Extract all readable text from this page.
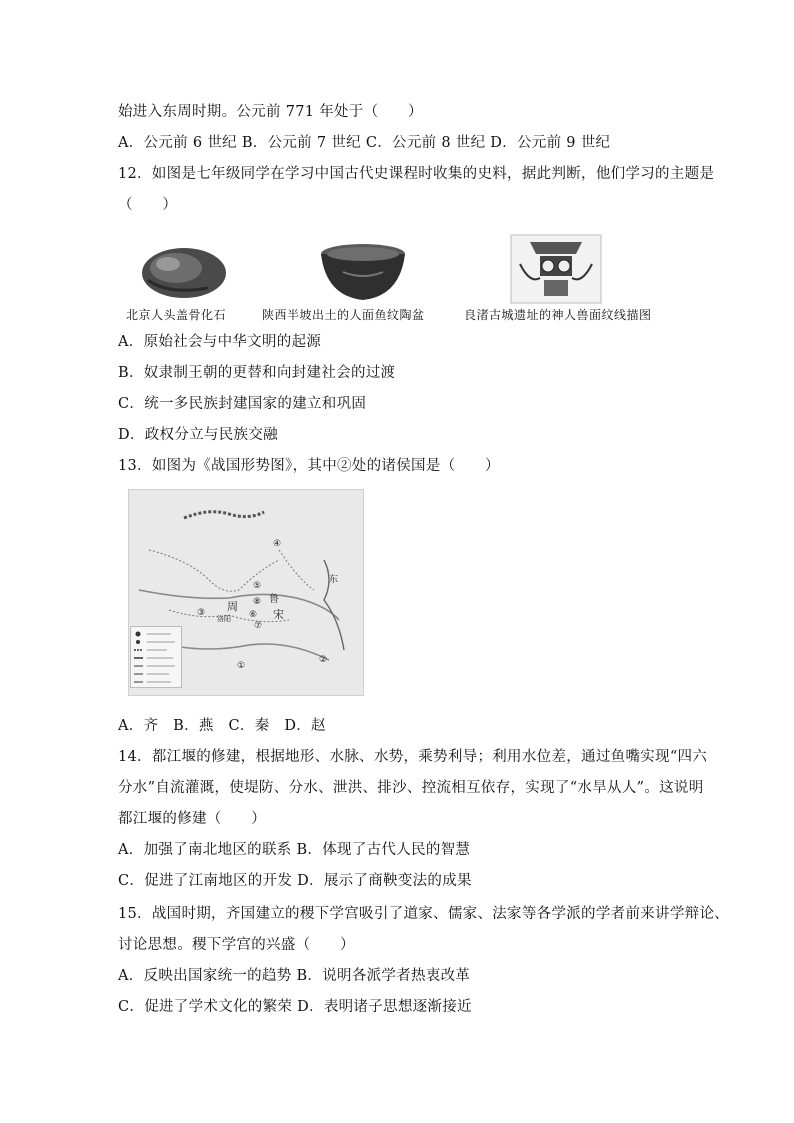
始进入东周时期。公元前 771 年处于（　　）
A．公元前 6 世纪 B．公元前 7 世纪 C．公元前 8 世纪 D．公元前 9 世纪
12．如图是七年级同学在学习中国古代史课程时收集的史料，据此判断，他们学习的主题是
（　　）
北京人头盖骨化石	陕西半坡出土的人面鱼纹陶盆	良渚古城遗址的神人兽面纹线描图
A．原始社会与中华文明的起源
B．奴隶制王朝的更替和向封建社会的过渡
C．统一多民族封建国家的建立和巩固
D．政权分立与民族交融
13．如图为《战国形势图》，其中②处的诸侯国是（　　）
④
⑤
⑧
③ 周
洛阳 ⑥
鲁
宋
⑦
东
①
②
A．齐　B．燕　C．秦　D．赵
14．都江堰的修建，根据地形、水脉、水势，乘势利导；利用水位差，通过鱼嘴实现“四六
分水”自流灌溉，使堤防、分水、泄洪、排沙、控流相互依存，实现了“水旱从人”。这说明
都江堰的修建（　　）
A．加强了南北地区的联系 B．体现了古代人民的智慧
C．促进了江南地区的开发 D．展示了商鞅变法的成果
15．战国时期，齐国建立的稷下学宫吸引了道家、儒家、法家等各学派的学者前来讲学辩论、
讨论思想。稷下学宫的兴盛（　　）
A．反映出国家统一的趋势 B．说明各派学者热衷改革
C．促进了学术文化的繁荣 D．表明诸子思想逐渐接近
